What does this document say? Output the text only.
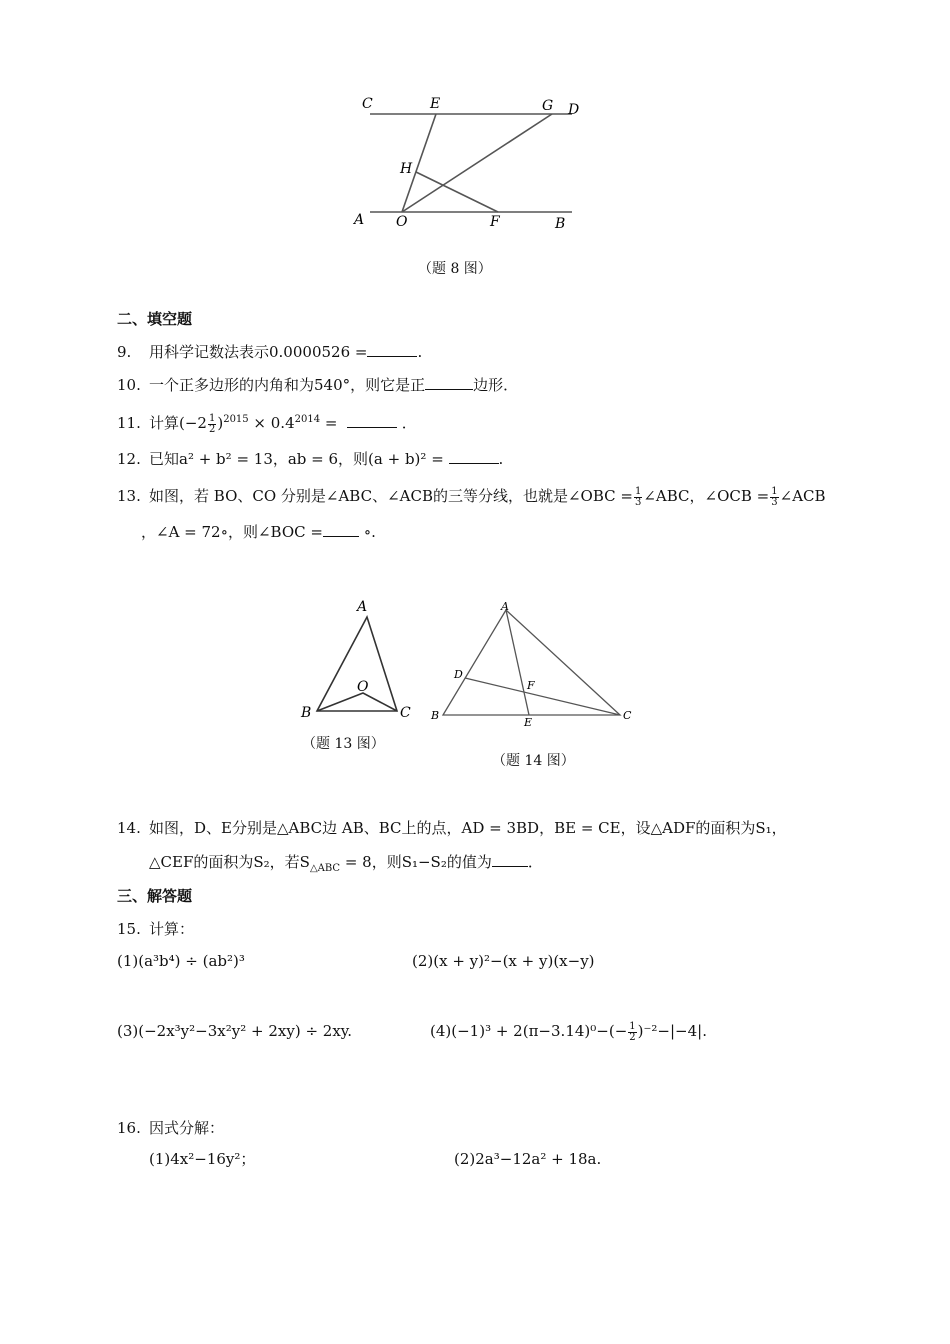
C	E	G D
H
A O	F	B
（题 8 图）
二、填空题
9. 用科学记数法表示0.0000526 =	.
10. 一个正多边形的内角和为540°，则它是正	边形．
11. 计算$(-2 \frac{1}{2} )^{2015} \times 0.4^{2014}$ =	．
12. 已知a² + b² = 13，ab = 6，则(a + b)² =	.
13. 如图，若 BO、CO 分别是∠ABC、∠ACB的三等分线，也就是∠OBC = $\frac{1}{3}$ ∠ABC，∠OCB = $\frac{1}{3}$ ∠ACB
，∠A = 72∘，则∠BOC =	∘.
A
O
B	C
（题 13 图）
A
D
F
B
E
C
（题 14 图）
14. 如图，D、E分别是△ABC边 AB、BC上的点，AD = 3BD，BE = CE，设△ADF的面积为S₁，
△CEF的面积为S₂，若$S_{\triangle ABC} = 8$，则S₁−S₂的值为 ．
三、解答题
15. 计算：
(1)(a³b⁴) ÷ (ab²)³	(2)(x + y)²−(x + y)(x−y)
(3)(−2x³y²−3x²y² + 2xy) ÷ 2xy.	$(4)(-1)^3 + 2(\pi-3.14)^0-(- \frac{1}{2} )^{-2}-|-4|$.
16. 因式分解：
(1)4x²−16y²；	(2)2a³−12a² + 18a.
